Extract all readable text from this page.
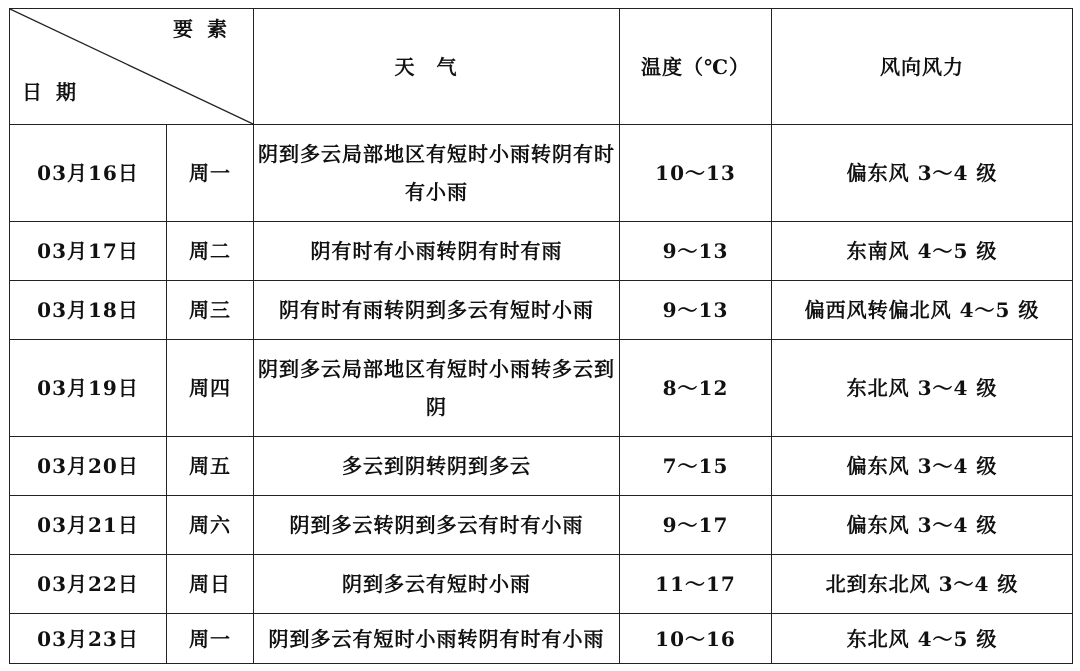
要素
日期		天气	温度（℃）	风向风力
03月16日	周一	阴到多云局部地区有短时小雨转阴有时有小雨	10～13	偏东风 3～4 级
03月17日	周二	阴有时有小雨转阴有时有雨	9～13	东南风 4～5 级
03月18日	周三	阴有时有雨转阴到多云有短时小雨	9～13	偏西风转偏北风 4～5 级
03月19日	周四	阴到多云局部地区有短时小雨转多云到阴	8～12	东北风 3～4 级
03月20日	周五	多云到阴转阴到多云	7～15	偏东风 3～4 级
03月21日	周六	阴到多云转阴到多云有时有小雨	9～17	偏东风 3～4 级
03月22日	周日	阴到多云有短时小雨	11～17	北到东北风 3～4 级
03月23日	周一	阴到多云有短时小雨转阴有时有小雨	10～16	东北风 4～5 级
